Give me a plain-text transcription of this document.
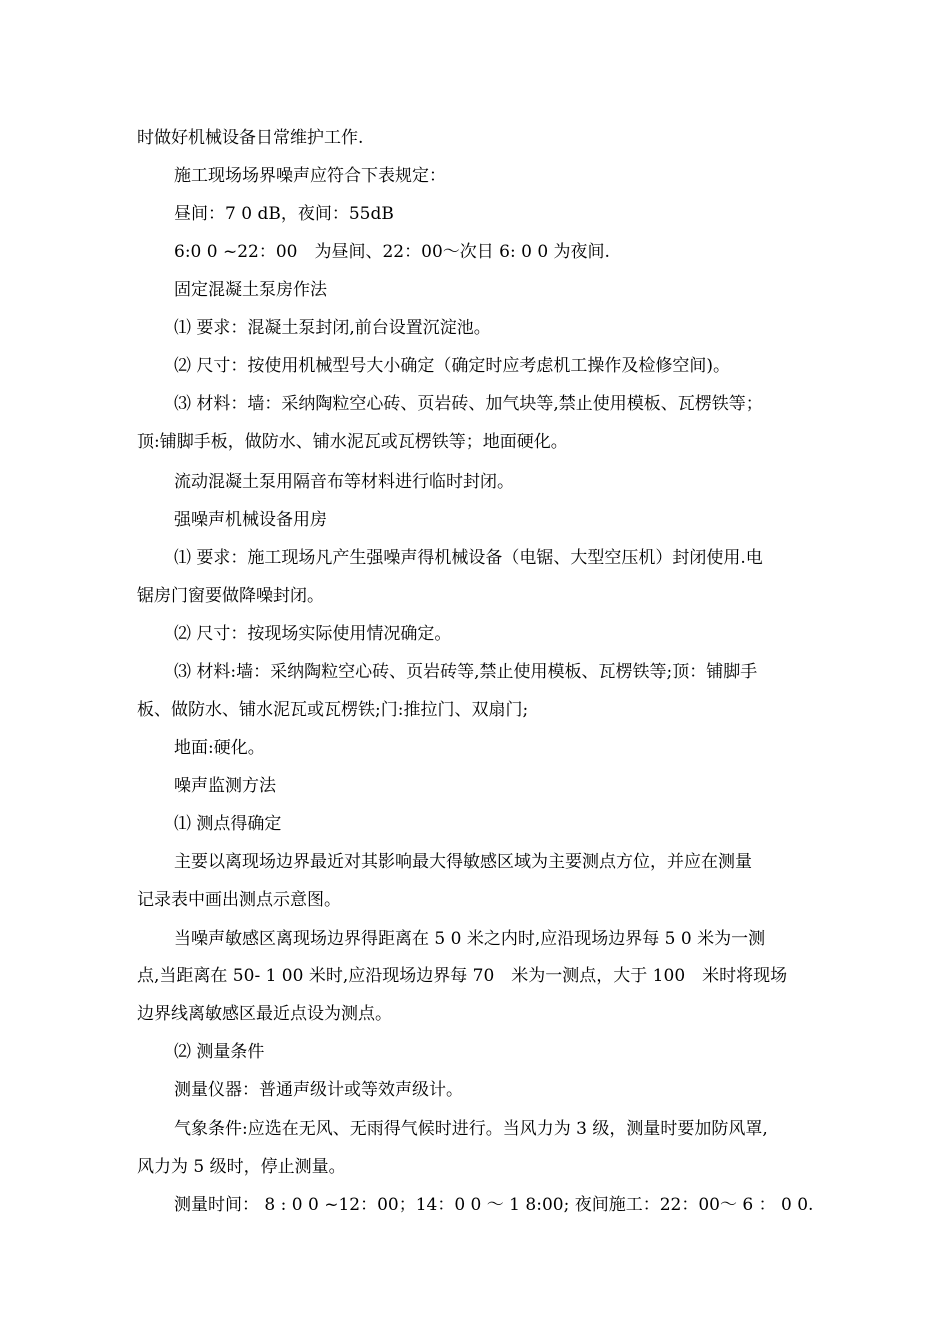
时做好机械设备日常维护工作.
施工现场场界噪声应符合下表规定：
昼间：7 0 dB，夜间：55dB
6:0 0 ~22：00　为昼间、22：00～次日 6: 0 0 为夜间.
固定混凝土泵房作法
⑴ 要求：混凝土泵封闭,前台设置沉淀池。
⑵ 尺寸：按使用机械型号大小确定（确定时应考虑机工操作及检修空间)。
⑶ 材料：墙：采纳陶粒空心砖、页岩砖、加气块等,禁止使用模板、瓦楞铁等；
顶:铺脚手板，做防水、铺水泥瓦或瓦楞铁等；地面硬化。
流动混凝土泵用隔音布等材料进行临时封闭。
强噪声机械设备用房
⑴ 要求：施工现场凡产生强噪声得机械设备（电锯、大型空压机）封闭使用.电
锯房门窗要做降噪封闭。
⑵ 尺寸：按现场实际使用情况确定。
⑶ 材料:墙：采纳陶粒空心砖、页岩砖等,禁止使用模板、瓦楞铁等;顶：铺脚手
板、做防水、铺水泥瓦或瓦楞铁;门:推拉门、双扇门;
地面:硬化。
噪声监测方法
⑴ 测点得确定
主要以离现场边界最近对其影响最大得敏感区域为主要测点方位，并应在测量
记录表中画出测点示意图。
当噪声敏感区离现场边界得距离在 5 0 米之内时,应沿现场边界每 5 0 米为一测
点,当距离在 50- 1 00 米时,应沿现场边界每 70　米为一测点，大于 100　米时将现场
边界线离敏感区最近点设为测点。
⑵ 测量条件
测量仪器：普通声级计或等效声级计。
气象条件:应选在无风、无雨得气候时进行。当风力为 3 级，测量时要加防风罩,
风力为 5 级时，停止测量。
测量时间： 8 : 0 0 ~12：00；14：0 0 ～ 1 8:00; 夜间施工：22：00～ 6 ： 0 0.
